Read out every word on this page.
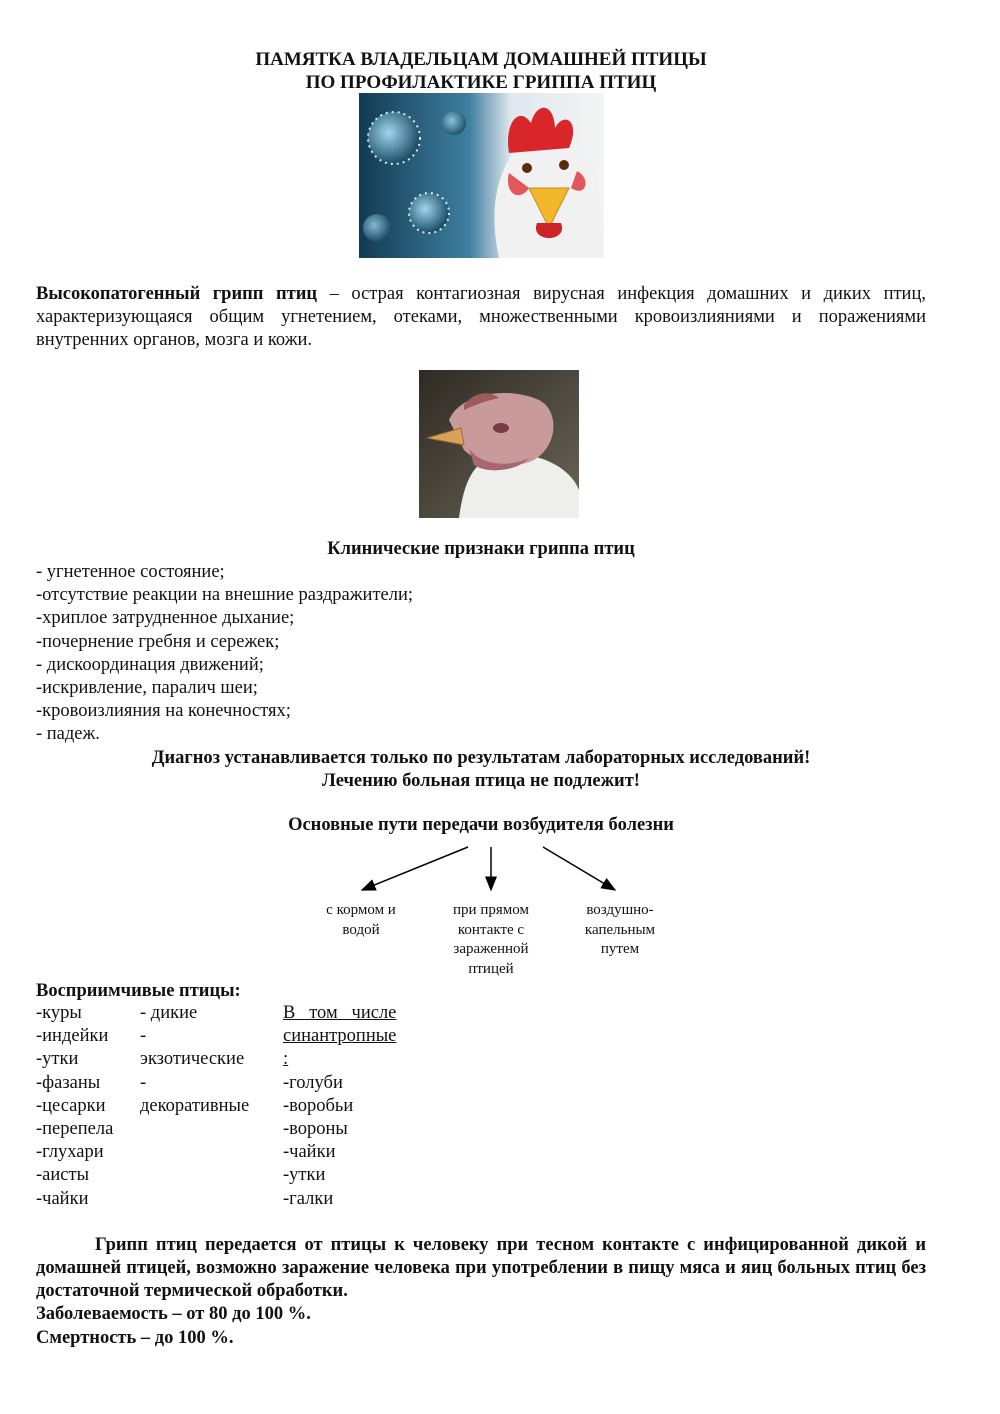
ПАМЯТКА ВЛАДЕЛЬЦАМ ДОМАШНЕЙ ПТИЦЫ
ПО ПРОФИЛАКТИКЕ ГРИППА ПТИЦ
Высокопатогенный грипп птиц – острая контагиозная вирусная инфекция домашних и диких птиц, характеризующаяся общим угнетением, отеками, множественными кровоизлияниями и поражениями внутренних органов, мозга и кожи.
Клинические признаки гриппа птиц
- угнетенное состояние;
-отсутствие реакции на внешние раздражители;
-хриплое затрудненное дыхание;
-почернение гребня и сережек;
- дискоординация движений;
-искривление, паралич шеи;
-кровоизлияния на конечностях;
- падеж.
Диагноз устанавливается только по результатам лабораторных исследований!
Лечению больная птица не подлежит!
Основные пути передачи возбудителя болезни
с кормом и
водой
при прямом
контакте с
зараженной
птицей
воздушно-
капельным
путем
Восприимчивые птицы:
-куры
-индейки
-утки
-фазаны
-цесарки
-перепела
-глухари
-аисты
-чайки
- дикие
-
экзотические
-
декоративные
В   том   числе
синантропные
:
-голуби
-воробьи
-вороны
-чайки
-утки
-галки
Грипп птиц передается от птицы к человеку при тесном контакте с инфицированной дикой и домашней птицей, возможно заражение человека при употреблении в пищу мяса и яиц больных птиц без достаточной термической обработки.
Заболеваемость – от 80 до 100 %.
Смертность – до 100 %.
